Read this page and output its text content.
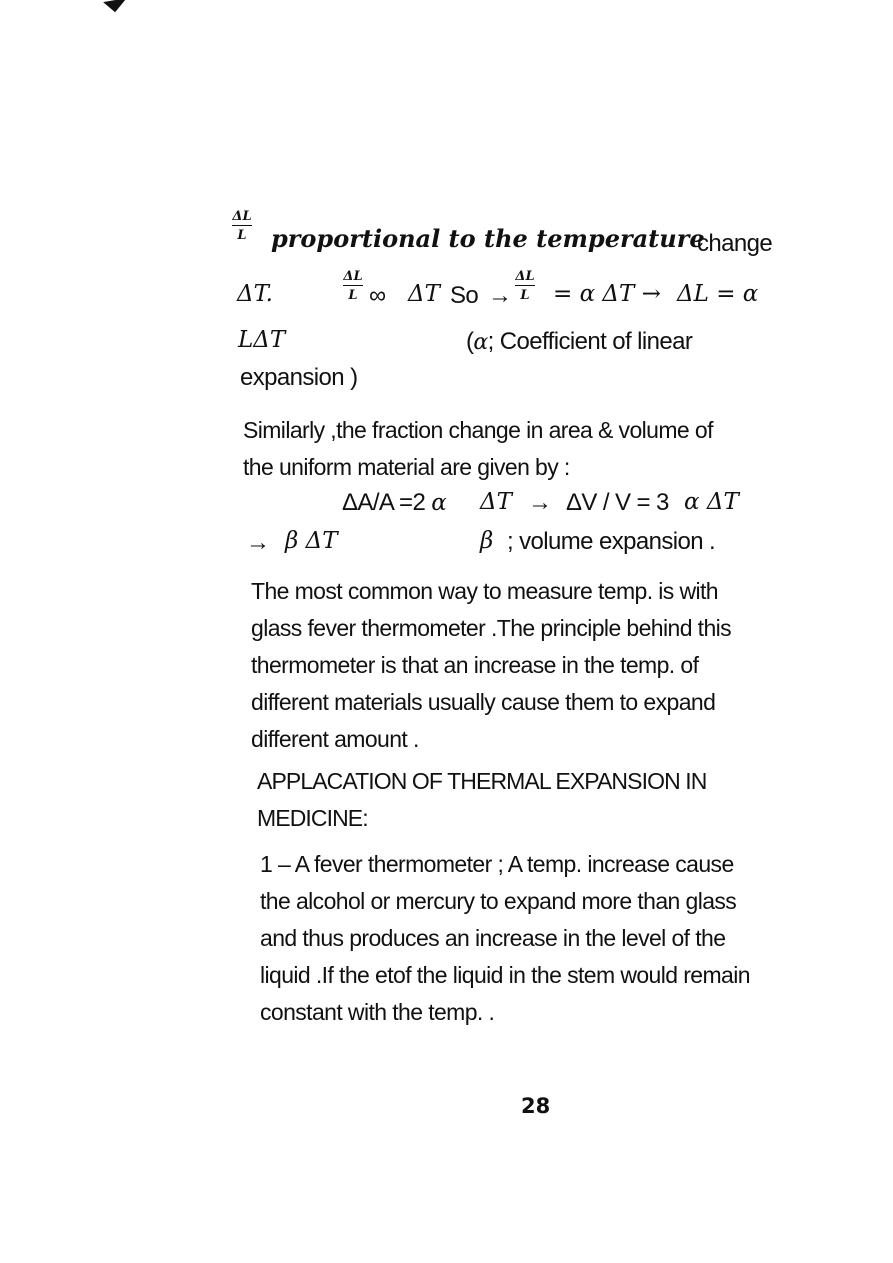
ΔL
L proportional to the temperature
change
ΔT.
ΔL
L ∞ ΔT So →
ΔL
L = α ΔT → ΔL = α
LΔT	(α; Coefficient of linear
expansion )
Similarly ,the fraction change in area & volume of
the uniform material are given by :
ΔA/A =2 α ΔT → ΔV / V = 3 α ΔT
→ β ΔT	β ; volume expansion .
The most common way to measure temp. is with
glass fever thermometer .The principle behind this
thermometer is that an increase in the temp. of
different materials usually cause them to expand
different amount .
APPLACATION OF THERMAL EXPANSION IN
MEDICINE:
1 – A fever thermometer ; A temp. increase cause
the alcohol or mercury to expand more than glass
and thus produces an increase in the level of the
liquid .If the etof the liquid in the stem would remain
constant with the temp. .
28
